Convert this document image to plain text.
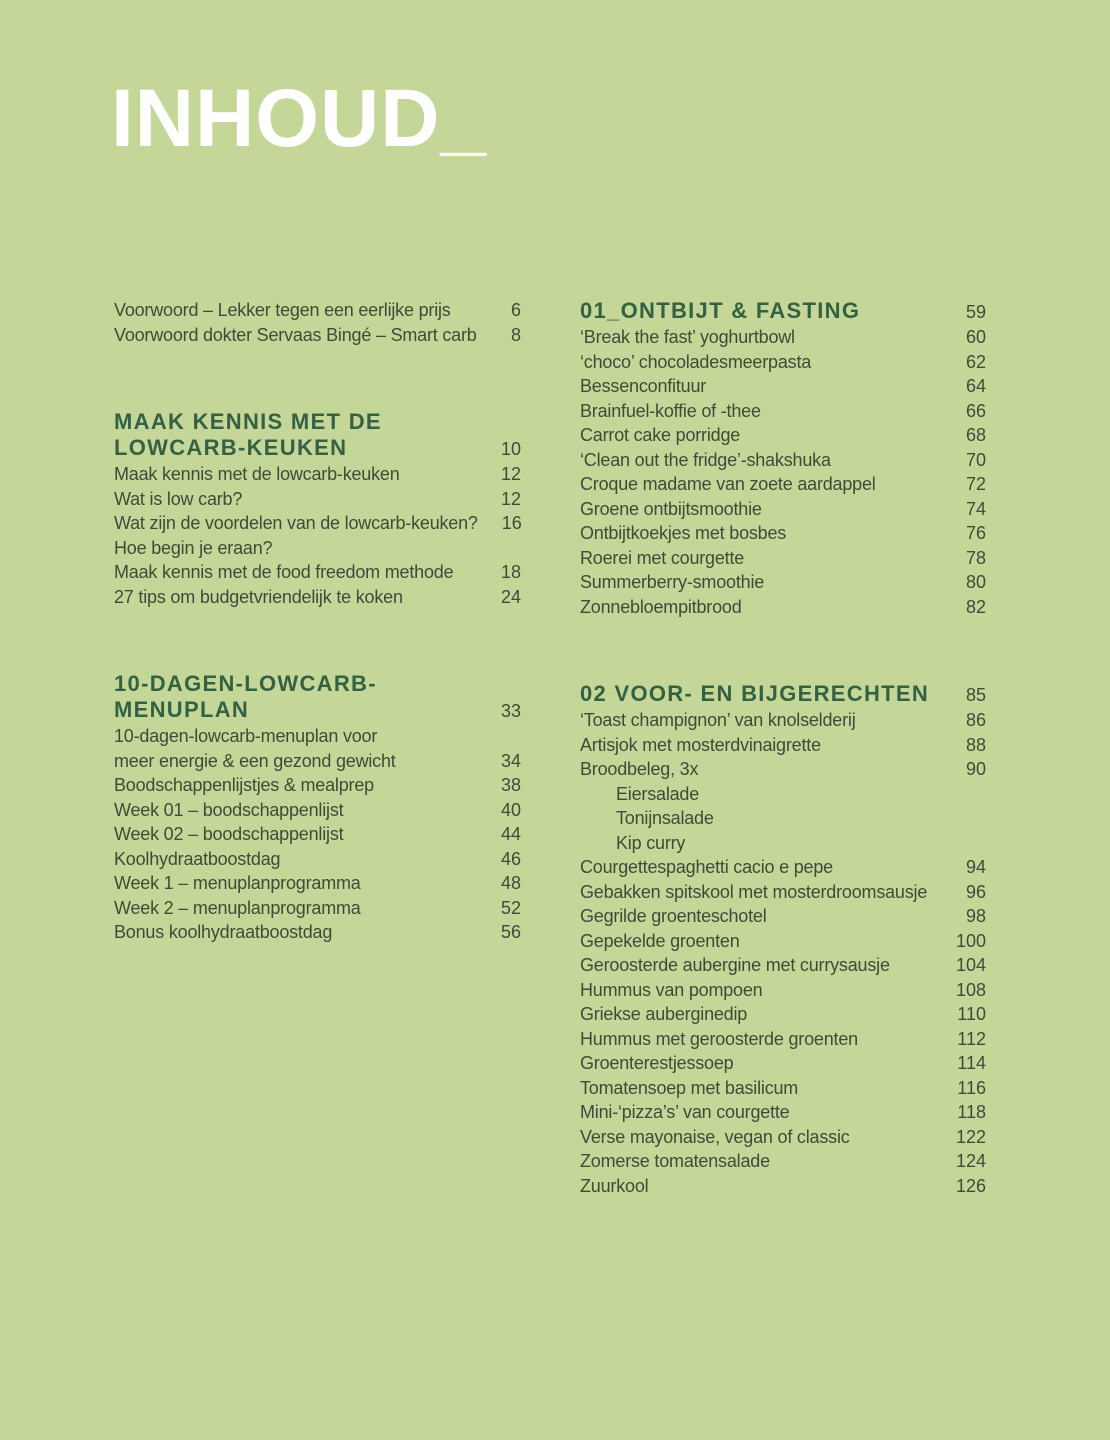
INHOUD_
Voorwoord – Lekker tegen een eerlijke prijs	6
Voorwoord dokter Servaas Bingé – Smart carb	8
MAAK KENNIS MET DE
LOWCARB-KEUKEN	10
Maak kennis met de lowcarb-keuken	12
Wat is low carb?	12
Wat zijn de voordelen van de lowcarb-keuken?	16
Hoe begin je eraan?
Maak kennis met de food freedom methode	18
27 tips om budgetvriendelijk te koken	24
10-DAGEN-LOWCARB-
MENUPLAN	33
10-dagen-lowcarb-menuplan voor
meer energie & een gezond gewicht	34
Boodschappenlijstjes & mealprep	38
Week 01 – boodschappenlijst	40
Week 02 – boodschappenlijst	44
Koolhydraatboostdag	46
Week 1 – menuplanprogramma	48
Week 2 – menuplanprogramma	52
Bonus koolhydraatboostdag	56
01_ONTBIJT & FASTING	59
‘Break the fast’ yoghurtbowl	60
‘choco’ chocoladesmeerpasta	62
Bessenconfituur	64
Brainfuel-koffie of -thee	66
Carrot cake porridge	68
‘Clean out the fridge’-shakshuka	70
Croque madame van zoete aardappel	72
Groene ontbijtsmoothie	74
Ontbijtkoekjes met bosbes	76
Roerei met courgette	78
Summerberry-smoothie	80
Zonnebloempitbrood	82
02 VOOR- EN BIJGERECHTEN	85
‘Toast champignon’ van knolselderij	86
Artisjok met mosterdvinaigrette	88
Broodbeleg, 3x	90
Eiersalade
Tonijnsalade
Kip curry
Courgettespaghetti cacio e pepe	94
Gebakken spitskool met mosterdroomsausje	96
Gegrilde groenteschotel	98
Gepekelde groenten	100
Geroosterde aubergine met currysausje	104
Hummus van pompoen	108
Griekse auberginedip	110
Hummus met geroosterde groenten	112
Groenterestjessoep	114
Tomatensoep met basilicum	116
Mini-‘pizza’s’ van courgette	118
Verse mayonaise, vegan of classic	122
Zomerse tomatensalade	124
Zuurkool	126
